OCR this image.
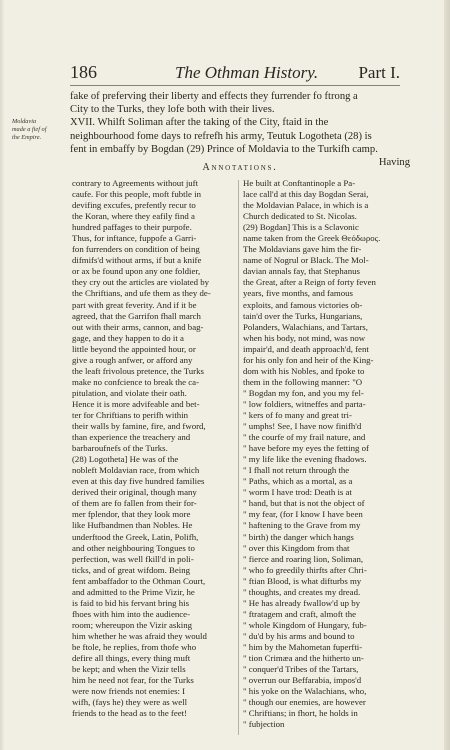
186	The Othman History. Part I.
Moldavia
made a fief of
the Empire.
fake of preferving their liberty and effects they furrender fo ftrong a
City to the Turks, they lofe both with their lives.
XVII. Whilft Soliman after the taking of the City, ftaid in the
neighbourhood fome days to refrefh his army, Teutuk Logotheta (28) is
fent in embaffy by Bogdan (29) Prince of Moldavia to the Turkifh camp.
Having
Annotations.
contrary to Agreements without juft
caufe. For this people, moft fubtle in
devifing excufes, prefently recur to
the Koran, where they eafily find a
hundred paffages to their purpofe.
Thus, for inftance, fuppofe a Garri-
fon furrenders on condition of being
difmifs'd without arms, if but a knife
or ax be found upon any one foldier,
they cry out the articles are violated by
the Chriftians, and ufe them as they de-
part with great feverity. And if it be
agreed, that the Garrifon fhall march
out with their arms, cannon, and bag-
gage, and they happen to do it a
little beyond the appointed hour, or
give a rough anfwer, or afford any
the leaft frivolous pretence, the Turks
make no confcience to break the ca-
pitulation, and violate their oath.
Hence it is more advifeable and bet-
ter for Chriftians to perifh within
their walls by famine, fire, and fword,
than experience the treachery and
barbaroufnefs of the Turks.
(28) Logotheta] He was of the
nobleft Moldavian race, from which
even at this day five hundred families
derived their original, though many
of them are fo fallen from their for-
mer fplendor, that they look more
like Hufbandmen than Nobles. He
underftood the Greek, Latin, Polifh,
and other neighbouring Tongues to
perfection, was well fkill'd in poli-
ticks, and of great wifdom. Being
fent ambaffador to the Othman Court,
and admitted to the Prime Vizir, he
is faid to bid his fervant bring his
fhoes with him into the audience-
room; whereupon the Vizir asking
him whether he was afraid they would
be ftole, he replies, from thofe who
defire all things, every thing muft
be kept; and when the Vizir tells
him he need not fear, for the Turks
were now friends not enemies: I
wifh, (fays he) they were as well
friends to the head as to the feet!
He built at Conftantinople a Pa-
lace call'd at this day Bogdan Serai,
the Moldavian Palace, in which is a
Church dedicated to St. Nicolas.
(29) Bogdan] This is a Sclavonic
name taken from the Greek Θεόδωρος.
The Moldavians gave him the fir-
name of Nogrul or Black. The Mol-
davian annals fay, that Stephanus
the Great, after a Reign of forty feven
years, five months, and famous
exploits, and famous victories ob-
tain'd over the Turks, Hungarians,
Polanders, Walachians, and Tartars,
when his body, not mind, was now
impair'd, and death approach'd, fent
for his only fon and heir of the King-
dom with his Nobles, and fpoke to
them in the following manner: "O
" Bogdan my fon, and you my fel-
" low foldiers, witneffes and parta-
" kers of fo many and great tri-
" umphs! See, I have now finifh'd
" the courfe of my frail nature, and
" have before my eyes the fetting of
" my life like the evening fhadows.
" I fhall not return through the
" Paths, which as a mortal, as a
" worm I have trod: Death is at
" hand, but that is not the object of
" my fear, (for I know I have been
" haftening to the Grave from my
" birth) the danger which hangs
" over this Kingdom from that
" fierce and roaring lion, Soliman,
" who fo greedily thirfts after Chri-
" ftian Blood, is what difturbs my
" thoughts, and creates my dread.
" He has already fwallow'd up by
" ftratagem and craft, almoft the
" whole Kingdom of Hungary, fub-
" du'd by his arms and bound to
" him by the Mahometan fuperfti-
" tion Crimæa and the hitherto un-
" conquer'd Tribes of the Tartars,
" overrun our Beffarabia, impos'd
" his yoke on the Walachians, who,
" though our enemies, are however
" Chriftians; in fhort, he holds in
" fubjection
